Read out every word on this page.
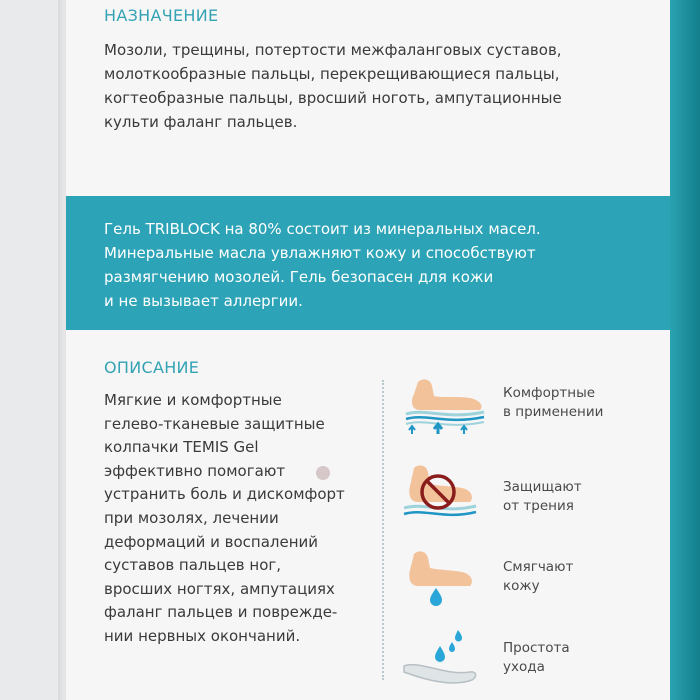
НАЗНАЧЕНИЕ
Мозоли, трещины, потертости межфаланговых суставов,
молоткообразные пальцы, перекрещивающиеся пальцы,
когтеобразные пальцы, вросший ноготь, ампутационные
культи фаланг пальцев.
Гель TRIBLOCK на 80% состоит из минеральных масел.
Минеральные масла увлажняют кожу и способствуют
размягчению мозолей. Гель безопасен для кожи
и не вызывает аллергии.
ОПИСАНИЕ
Мягкие и комфортные
гелево-тканевые защитные
колпачки TEMIS Gel
эффективно помогают
устранить боль и дискомфорт
при мозолях, лечении
деформаций и воспалений
суставов пальцев ног,
вросших ногтях, ампутациях
фаланг пальцев и поврежде-
нии нервных окончаний.
Комфортные
в применении
Защищают
от трения
Смягчают
кожу
Простота
ухода
